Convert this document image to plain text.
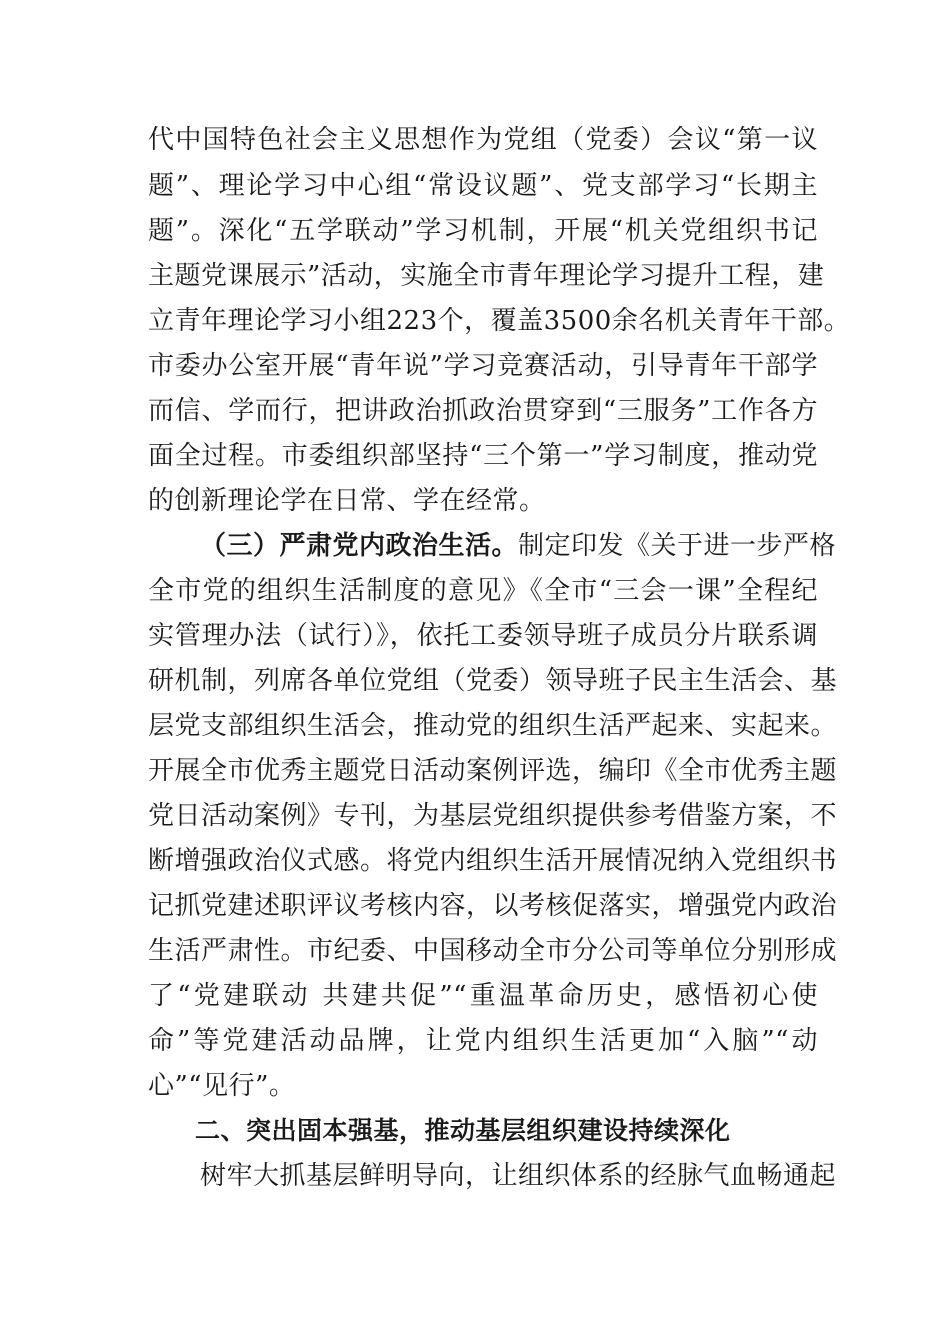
代中国特色社会主义思想作为党组（党委）会议“第一议
题”、理论学习中心组“常设议题”、党支部学习“长期主
题”。深化“五学联动”学习机制，开展“机关党组织书记
主题党课展示”活动，实施全市青年理论学习提升工程，建
立青年理论学习小组223个，覆盖3500余名机关青年干部。
市委办公室开展“青年说”学习竞赛活动，引导青年干部学
而信、学而行，把讲政治抓政治贯穿到“三服务”工作各方
面全过程。市委组织部坚持“三个第一”学习制度，推动党
的创新理论学在日常、学在经常。
（三）严肃党内政治生活。制定印发《关于进一步严格
全市党的组织生活制度的意见》《全市“三会一课”全程纪
实管理办法（试行）》，依托工委领导班子成员分片联系调
研机制，列席各单位党组（党委）领导班子民主生活会、基
层党支部组织生活会，推动党的组织生活严起来、实起来。
开展全市优秀主题党日活动案例评选，编印《全市优秀主题
党日活动案例》专刊，为基层党组织提供参考借鉴方案，不
断增强政治仪式感。将党内组织生活开展情况纳入党组织书
记抓党建述职评议考核内容，以考核促落实，增强党内政治
生活严肃性。市纪委、中国移动全市分公司等单位分别形成
了“党建联动 共建共促”“重温革命历史，感悟初心使
命”等党建活动品牌，让党内组织生活更加“入脑”“动
心”“见行”。
二、突出固本强基，推动基层组织建设持续深化
树牢大抓基层鲜明导向，让组织体系的经脉气血畅通起
